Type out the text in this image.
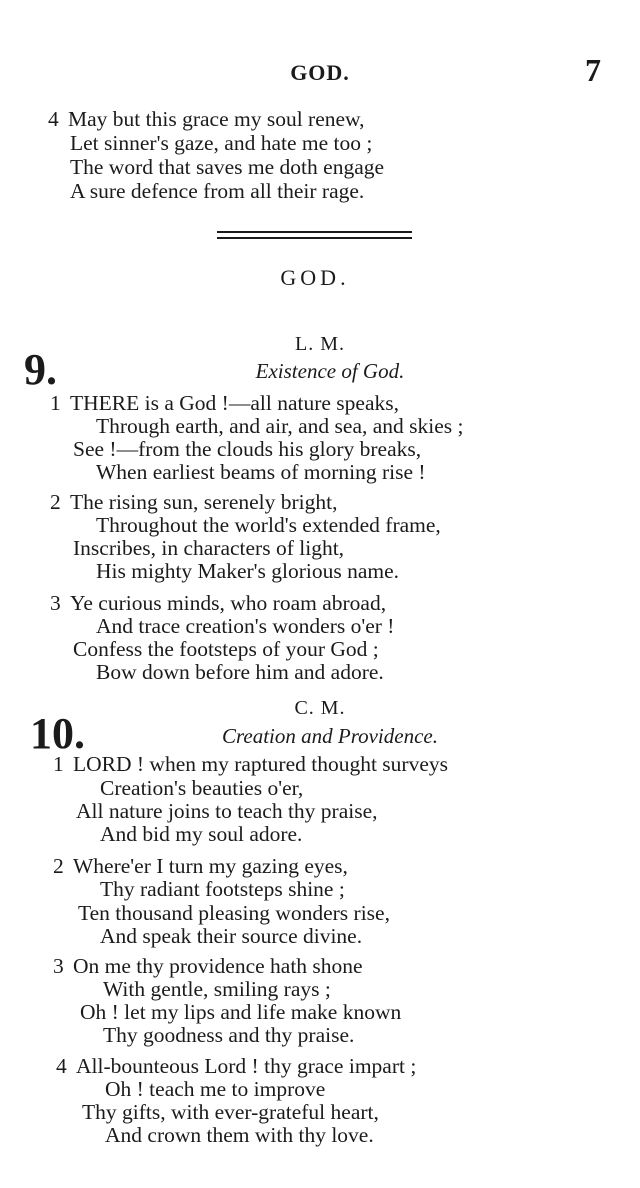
GOD.	7
4 May but this grace my soul renew,
Let sinner's gaze, and hate me too ;
The word that saves me doth engage
A sure defence from all their rage.
GOD.
L. M.
9.	Existence of God.
1 THERE is a God !—all nature speaks,
Through earth, and air, and sea, and skies ;
See !—from the clouds his glory breaks,
When earliest beams of morning rise !
2 The rising sun, serenely bright,
Throughout the world's extended frame,
Inscribes, in characters of light,
His mighty Maker's glorious name.
3 Ye curious minds, who roam abroad,
And trace creation's wonders o'er !
Confess the footsteps of your God ;
Bow down before him and adore.
C. M.
10.	Creation and Providence.
1 LORD ! when my raptured thought surveys
Creation's beauties o'er,
All nature joins to teach thy praise,
And bid my soul adore.
2 Where'er I turn my gazing eyes,
Thy radiant footsteps shine ;
Ten thousand pleasing wonders rise,
And speak their source divine.
3 On me thy providence hath shone
With gentle, smiling rays ;
Oh ! let my lips and life make known
Thy goodness and thy praise.
4 All-bounteous Lord ! thy grace impart ;
Oh ! teach me to improve
Thy gifts, with ever-grateful heart,
And crown them with thy love.
